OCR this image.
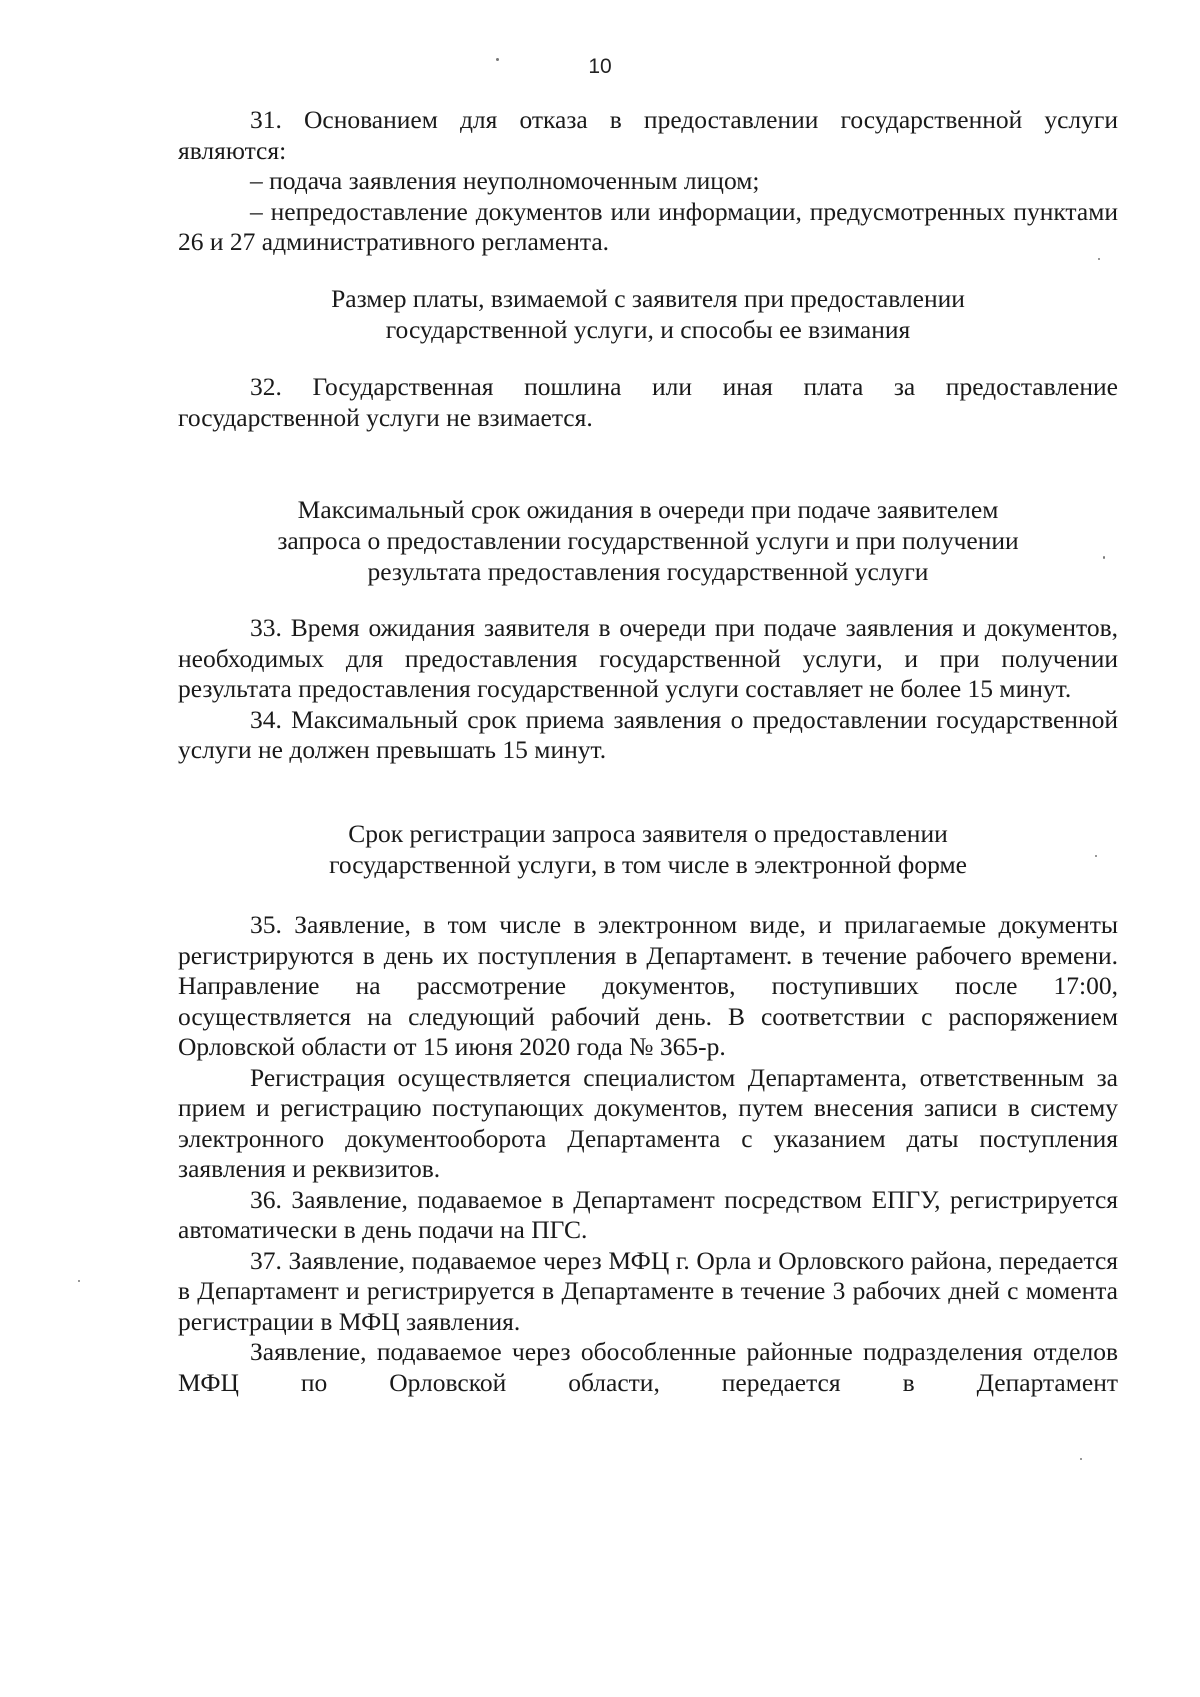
10

31. Основанием для отказа в предоставлении государственной услуги являются:

– подача заявления неуполномоченным лицом;

– непредоставление документов или информации, предусмотренных пунктами 26 и 27 административного регламента.

Размер платы, взимаемой с заявителя при предоставлении
государственной услуги, и способы ее взимания

32. Государственная пошлина или иная плата за предоставление государственной услуги не взимается.

Максимальный срок ожидания в очереди при подаче заявителем
запроса о предоставлении государственной услуги и при получении
результата предоставления государственной услуги

33. Время ожидания заявителя в очереди при подаче заявления и документов, необходимых для предоставления государственной услуги, и при получении результата предоставления государственной услуги составляет не более 15 минут.

34. Максимальный срок приема заявления о предоставлении государственной услуги не должен превышать 15 минут.

Срок регистрации запроса заявителя о предоставлении
государственной услуги, в том числе в электронной форме

35. Заявление, в том числе в электронном виде, и прилагаемые документы регистрируются в день их поступления в Департамент. в течение рабочего времени. Направление на рассмотрение документов, поступивших после 17:00, осуществляется на следующий рабочий день. В соответствии с распоряжением Орловской области от 15 июня 2020 года № 365-р.

Регистрация осуществляется специалистом Департамента, ответственным за прием и регистрацию поступающих документов, путем внесения записи в систему электронного документооборота Департамента с указанием даты поступления заявления и реквизитов.

36. Заявление, подаваемое в Департамент посредством ЕПГУ, регистрируется автоматически в день подачи на ПГС.

37. Заявление, подаваемое через МФЦ г. Орла и Орловского района, передается в Департамент и регистрируется в Департаменте в течение 3 рабочих дней с момента регистрации в МФЦ заявления.

Заявление, подаваемое через обособленные районные подразделения отделов МФЦ по Орловской области, передается в Департамент
